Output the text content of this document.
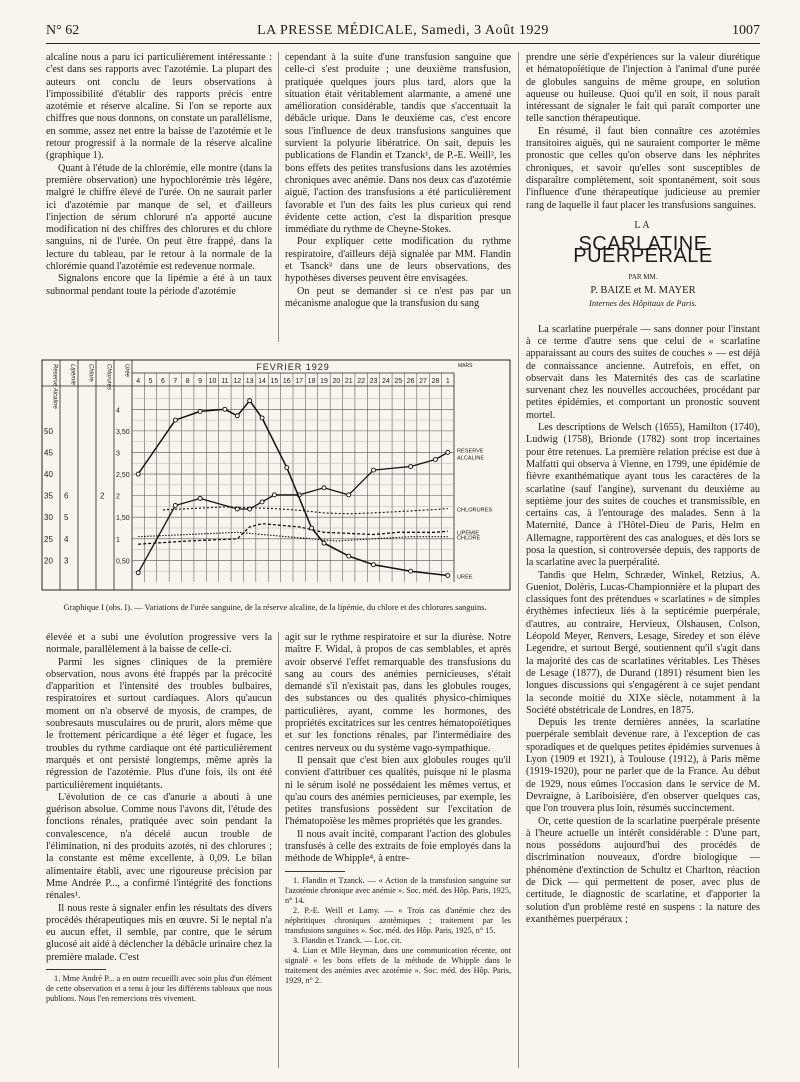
N° 62	LA PRESSE MÉDICALE, Samedi, 3 Août 1929	1007

alcaline nous a paru ici particulièrement intéressante : c'est dans ses rapports avec l'azotémie. La plupart des auteurs ont conclu de leurs observations à l'impossibilité d'établir des rapports précis entre azotémie et réserve alcaline. Si l'on se reporte aux chiffres que nous donnons, on constate un parallélisme, en somme, assez net entre la baisse de l'azotémie et le retour progressif à la normale de la réserve alcaline (graphique 1).

Quant à l'étude de la chlorémie, elle montre (dans la première observation) une hypochlorémie très légère, malgré le chiffre élevé de l'urée. On ne saurait parler ici d'azotémie par manque de sel, et d'ailleurs l'injection de sérum chloruré n'a apporté aucune modification ni des chiffres des chlorures et du chlore sanguins, ni de l'urée. On peut être frappé, dans la lecture du tableau, par le retour à la normale de la chlorémie quand l'azotémie est redevenue normale.

Signalons encore que la lipémie a été à un taux subnormal pendant toute la période d'azotémie

cependant à la suite d'une transfusion sanguine que celle-ci s'est produite ; une deuxième transfusion, pratiquée quelques jours plus tard, alors que la situation était véritablement alarmante, a amené une amélioration considérable, tandis que s'accentuait la débâcle urique. Dans le deuxième cas, c'est encore sous l'influence de deux transfusions sanguines que survient la polyurie libératrice. On sait, depuis les publications de Flandin et Tzanck¹, de P.-E. Weill², les bons effets des petites transfusions dans les azotémies chroniques avec anémie. Dans nos deux cas d'azotémie aiguë, l'action des transfusions a été particulièrement favorable et l'un des faits les plus curieux qui rend évidente cette action, c'est la disparition presque immédiate du rythme de Cheyne-Stokes.

Pour expliquer cette modification du rythme respiratoire, d'ailleurs déjà signalée par MM. Flandin et Tsanck³ dans une de leurs observations, des hypothèses diverses peuvent être envisagées.

On peut se demander si ce n'est pas par un mécanisme analogue que la transfusion du sang

prendre une série d'expériences sur la valeur diurétique et hématopoïétique de l'injection à l'animal d'une purée de globules sanguins de même groupe, en solution aqueuse ou huileuse. Quoi qu'il en soit, il nous paraît intéressant de signaler le fait qui paraît comporter une telle sanction thérapeutique.

En résumé, il faut bien connaître ces azotémies transitoires aiguës, qui ne sauraient comporter le même pronostic que celles qu'on observe dans les néphrites chroniques, et savoir qu'elles sont susceptibles de disparaître complètement, soit spontanément, soit sous l'influence d'une thérapeutique judicieuse au premier rang de laquelle il faut placer les transfusions sanguines.

LA
SCARLATINE PUERPÉRALE
PAR MM.
P. BAIZE et M. MAYER
Internes des Hôpitaux de Paris.

La scarlatine puerpérale — sans donner pour l'instant à ce terme d'autre sens que celui de « scarlatine apparaissant au cours des suites de couches » — est déjà de connaissance ancienne. Autrefois, en effet, on observait dans les Maternités des cas de scarlatine survenant chez les nouvelles accouchées, procédant par petites épidémies, et comportant un pronostic souvent mortel.

Les descriptions de Welsch (1655), Hamilton (1740), Ludwig (1758), Brionde (1782) sont trop incertaines pour être retenues. La première relation précise est due à Malfatti qui observa à Vienne, en 1799, une épidémie de fièvre exanthématique ayant tous les caractères de la scarlatine (sauf l'angine), survenant du deuxième au septième jour des suites de couches et transmissible, en certains cas, à l'entourage des malades. Senn à la Maternité, Dance à l'Hôtel-Dieu de Paris, Helm en Allemagne, rapportèrent des cas analogues, et dès lors se posa la question, si controversée depuis, des rapports de la scarlatine avec la puerpéralité.

Tandis que Helm, Schræder, Winkel, Retzius, A. Gueniot, Dolèris, Lucas-Championnière et la plupart des classiques font des prétendues « scarlatines » de simples érythèmes infectieux liés à la septicémie puerpérale, d'autres, au contraire, Hervieux, Olshausen, Colson, Léopold Meyer, Renvers, Lesage, Siredey et son élève Legendre, et surtout Bergé, soutiennent qu'il s'agit dans la majorité des cas de scarlatines véritables. Les Thèses de Lesage (1877), de Durand (1891) résument bien les longues discussions qui s'engagèrent à ce sujet pendant la seconde moitié du XIXe siècle, notamment à la Société obstétricale de Londres, en 1875.

Depuis les trente dernières années, la scarlatine puerpérale semblait devenue rare, à l'exception de cas sporadiques et de quelques petites épidémies survenues à Lyon (1909 et 1921), à Toulouse (1912), à Paris même (1919-1920), pour ne parler que de la France. Au début de 1929, nous eûmes l'occasion dans le service de M. Devraigne, à Lariboisière, d'en observer quelques cas, que l'on trouvera plus loin, résumés succinctement.

Or, cette question de la scarlatine puerpérale présente à l'heure actuelle un intérêt considérable : D'une part, nous possédons aujourd'hui des procédés de discrimination nouveaux, d'ordre biologique — phénomène d'extinction de Schultz et Charlton, réaction de Dick — qui permettent de poser, avec plus de certitude, le diagnostic de scarlatine, et d'apporter la solution d'un problème resté en suspens : la nature des exanthèmes puerpéraux ;

Réserve Alcaline Lipémie Chlore Chlorures Urée	FEVRIER 1929	MARS
4 5 6 7 8 9 10 11 12 13 14 15 16 17 18 19 20 21 22 23 24 25 26 27 28 1
4
3,50
3
2,50
2
1,50
1
0,50
50
45
40
35
30
25
20
6
5
4
3
2
RÉSERVE
ALCALINE
CHLORURES
LIPÉMIE
CHLORE
URÉE
Graphique I (obs. I). — Variations de l'urée sanguine, de la réserve alcaline, de la lipémie, du chlore et des chlorures sanguins.

élevée et a subi une évolution progressive vers la normale, parallèlement à la baisse de celle-ci.

Parmi les signes cliniques de la première observation, nous avons été frappés par la précocité d'apparition et l'intensité des troubles bulbaires, respiratoires et surtout cardiaques. Alors qu'aucun moment on n'a observé de myosis, de crampes, de soubresauts musculaires ou de prurit, alors même que le frottement péricardique a été léger et fugace, les troubles du rythme cardiaque ont été particulièrement marqués et ont persisté longtemps, même après la régression de l'azotémie. Plus d'une fois, ils ont été particulièrement inquiétants.

L'évolution de ce cas d'anurie a abouti à une guérison absolue. Comme nous l'avons dit, l'étude des fonctions rénales, pratiquée avec soin pendant la convalescence, n'a décelé aucun trouble de l'élimination, ni des produits azotés, ni des chlorures ; la constante est même excellente, à 0,09. Le bilan alimentaire établi, avec une rigoureuse précision par Mme Andrée P..., a confirmé l'intégrité des fonctions rénales¹.

Il nous reste à signaler enfin les résultats des divers procédés thérapeutiques mis en œuvre. Si le neptal n'a eu aucun effet, il semble, par contre, que le sérum glucosé ait aidé à déclencher la débâcle urinaire chez la première malade. C'est

1. Mme André P... a en outre recueilli avec soin plus d'un élément de cette observation et a tenu à jour les différents tableaux que nous publions. Nous l'en remercions très vivement.

agit sur le rythme respiratoire et sur la diurèse. Notre maître F. Widal, à propos de cas semblables, et après avoir observé l'effet remarquable des transfusions du sang au cours des anémies pernicieuses, s'était demandé s'il n'existait pas, dans les globules rouges, des substances ou des qualités physico-chimiques particulières, ayant, comme les hormones, des propriétés excitatrices sur les centres hématopoïétiques et sur les fonctions rénales, par l'intermédiaire des centres nerveux ou du système vago-sympathique.

Il pensait que c'est bien aux globules rouges qu'il convient d'attribuer ces qualités, puisque ni le plasma ni le sérum isolé ne possédaient les mêmes vertus, et qu'au cours des anémies pernicieuses, par exemple, les petites transfusions possèdent sur l'excitation de l'hématopoïèse les mêmes propriétés que les grandes.

Il nous avait incité, comparant l'action des globules transfusés à celle des extraits de foie employés dans la méthode de Whipple⁴, à entre-

1. Flandin et Tzanck. — « Action de la transfusion sanguine sur l'azotémie chronique avec anémie ». Soc. méd. des Hôp. Paris, 1925, n° 14.

2. P.-E. Weill et Lamy. — « Trois cas d'anémie chez des néphritiques chroniques azotémiques ; traitement par les transfusions sanguines ». Soc. méd. des Hôp. Paris, 1925, n° 15.

3. Flandin et Tzanck. — Loc. cit.

4. Lian et Mlle Heyman, dans une communication récente, ont signalé « les bons effets de la méthode de Whipple dans le traitement des anémies avec azotémie ». Soc. méd. des Hôp. Paris, 1929, n° 2.
